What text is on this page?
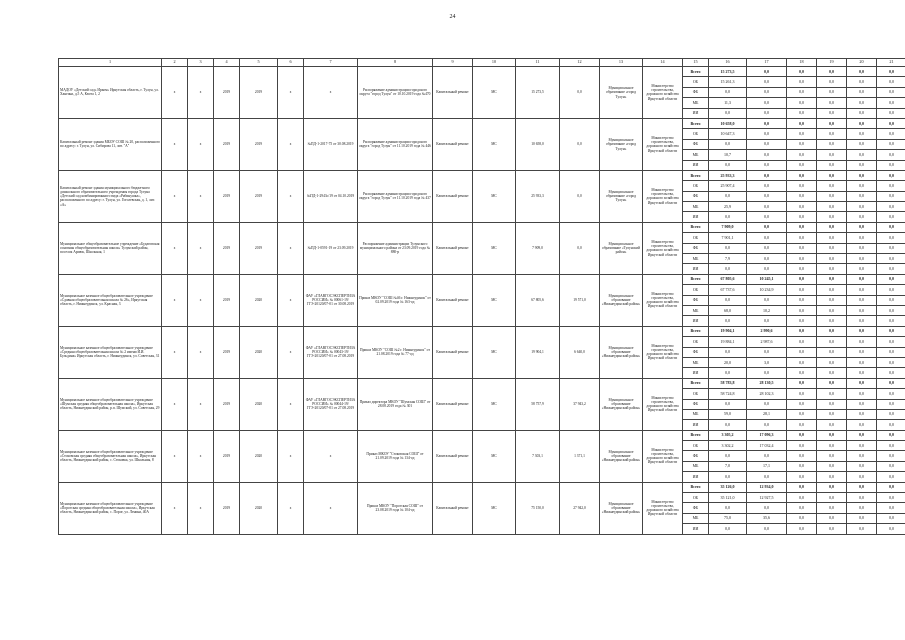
24
1	2	3	4	5	6	7	8	9	10	11	12	13	14	15	16	17	18	19	20	21
МАДОУ «Детский сад» Ирком» Иркутская область, г. Тулун, ул. Хангина, д.5 А, Квота 1, 2	х	х	2019	2019	х	х	Распоряжение администрации городского округа "город Тулун" от 10.10.2019 года №470	Капитальный ремонт	МС	15 273,5	0,0	Муниципальное образование «город Тулун»	Министерство строительства, дорожного хозяйства Иркутской области	Всего	15 273,5	0,0	0,0	0,0	0,0	0,0
														ОБ	15 261,3	0,0	0,0	0,0	0,0	0,0
														ФБ	0,0	0,0	0,0	0,0	0,0	0,0
														МБ	11,3	0,0	0,0	0,0	0,0	0,0
														ИИ	0,0	0,0	0,0	0,0	0,0	0,0
Капитальный ремонт здания МБОУ СОШ № 20, расположенного по адресу: г. Тулун, ул. Сибирова 11, лит. "А"	х	х	2019	2019	х	№ПД-1-2017-75 от 30.08.2019	Распоряжение администрации городского округа "город Тулун" от 11.10.2019 года № 446	Капитальный ремонт	МС	10 658,0	0,0	Муниципальное образование «город Тулун»	Министерство строительства, дорожного хозяйства Иркутской области	Всего	10 658,0	0,0	0,0	0,0	0,0	0,0
														ОБ	10 647,3	0,0	0,0	0,0	0,0	0,0
														ФБ	0,0	0,0	0,0	0,0	0,0	0,0
														МБ	10,7	0,0	0,0	0,0	0,0	0,0
														ИИ	0,0	0,0	0,0	0,0	0,0	0,0
Капитальный ремонт здания муниципального бюджетного дошкольного образовательного учреждения города Тулуна «Детский сад комбинированного вида «Рябинушка», расположенного по адресу: г. Тулун, ул. Гоголевская, д. 1, лит. «А»	х	х	2019	2019	х	№ПД-1-2943с/19 от 04.10.2019	Распоряжение администрации городского округа "город Тулун" от 11.10.2019 года № 437	Капитальный ремонт	МС	25 933,3	0,0	Муниципальное образование «город Тулун»	Министерство строительства, дорожного хозяйства Иркутской области	Всего	25 933,3	0,0	0,0	0,0	0,0	0,0
														ОБ	25 907,4	0,0	0,0	0,0	0,0	0,0
														ФБ	0,0	0,0	0,0	0,0	0,0	0,0
														МБ	25,9	0,0	0,0	0,0	0,0	0,0
														ИИ	0,0	0,0	0,0	0,0	0,0	0,0
Муниципальное общеобразовательное учреждение «Будаговская основная общеобразовательная школа» Тулунский район, поселок Ариюк, Школьная, 1	х	х	2019	2019	х	№ПД-1-0591-19 от 23.09.2019	Распоряжение администрации Тулунского муниципального района от 23.09.2019 года № 880-р	Капитальный ремонт	МС	7 909,0	0,0	Муниципальное образование «Тулунский район»	Министерство строительства, дорожного хозяйства Иркутской области	Всего	7 909,0	0,0	0,0	0,0	0,0	0,0
														ОБ	7 901,1	0,0	0,0	0,0	0,0	0,0
														ФБ	0,0	0,0	0,0	0,0	0,0	0,0
														МБ	7,9	0,0	0,0	0,0	0,0	0,0
														ИИ	0,0	0,0	0,0	0,0	0,0	0,0
Муниципальное казенное общеобразовательное учреждение «Сдавная общеобразовательная школа № 26», Иркутская область, г. Нижнеудинск, ул. Красная, 3	х	х	2019	2020	х	ФАУ «ГЛАВГОСЭКСПЕРТИЗА РОССИИ» № 00061-19/ГГЭ-20120/07-01 от 30.08.2019	Приказ МКОУ "СОШ №46 г. Нижнеудинск" от 02.09.2019 года № 163-од	Капитальный ремонт	МС	67 805,6	19 571,0	Муниципальное образование «Нижнеудинский район»	Министерство строительства, дорожного хозяйства Иркутской области	Всего	67 805,6	10 245,1	0,0	0,0	0,0	0,0
														ОБ	67 737,6	10 234,9	0,0	0,0	0,0	0,0
														ФБ	0,0	0,0	0,0	0,0	0,0	0,0
														МБ	68,0	10,2	0,0	0,0	0,0	0,0
														ИИ	0,0	0,0	0,0	0,0	0,0	0,0
Муниципальное казенное общеобразовательное учреждение «Средняя общеобразовательная школа № 2 имени И.И. Бульдина» Иркутская область, г. Нижнеудинск, ул. Советская, 31	х	х	2019	2020	х	ФАУ «ГЛАВГОСЭКСПЕРТИЗА РОССИИ» № 00043-19/ГГЭ-20120/07-01 от 27.08.2019	Приказ МКОУ "СОШ №2 г. Нижнеудинск" от 21.08.2019 года № 77-од	Капитальный ремонт	МС	19 904,1	6 640,0	Муниципальное образование «Нижнеудинский район»	Министерство строительства, дорожного хозяйства Иркутской области	Всего	19 904,1	2 990,6	0,0	0,0	0,0	0,0
														ОБ	19 884,1	2 987,6	0,0	0,0	0,0	0,0
														ФБ	0,0	0,0	0,0	0,0	0,0	0,0
														МБ	20,0	3,0	0,0	0,0	0,0	0,0
														ИИ	0,0	0,0	0,0	0,0	0,0	0,0
Муниципальное казенное общеобразовательное учреждение «Шумская средняя общеобразовательная школа», Иркутская область, Нижнеудинский район, р.п. Шумский, ул. Советская, 29	х	х	2019	2020	х	ФАУ «ГЛАВГОСЭКСПЕРТИЗА РОССИИ» № 00044-19/ГГЭ-20120/07-01 от 27.08.2019	Приказ директора МКОУ "Шумская СОШ" от 28.08.2019 года № 301	Капитальный ремонт	МС	58 757,9	37 943,2	Муниципальное образование «Нижнеудинский район»	Министерство строительства, дорожного хозяйства Иркутской области	Всего	58 783,8	28 130,5	0,0	0,0	0,0	0,0
														ОБ	58 724,8	28 102,3	0,0	0,0	0,0	0,0
														ФБ	0,0	0,0	0,0	0,0	0,0	0,0
														МБ	59,0	28,1	0,0	0,0	0,0	0,0
														ИИ	0,0	0,0	0,0	0,0	0,0	0,0
Муниципальное казенное общеобразовательное учреждение «Стоковская средняя общеобразовательная школа», Иркутская область, Нижнеудинский район, с. Стоковка, ул. Школьная, 8	х	х	2019	2020	х	х	Приказ МКОУ "Стоковская СОШ" от 21.09.2019 года № 134-од	Капитальный ремонт	МС	7 303,1	1 371,1	Муниципальное образование «Нижнеудинский район»	Министерство строительства, дорожного хозяйства Иркутской области	Всего	3 305,2	17 096,3	0,0	0,0	0,0	0,0
														ОБ	3 302,2	17 032,4	0,0	0,0	0,0	0,0
														ФБ	0,0	0,0	0,0	0,0	0,0	0,0
														МБ	7,0	17,1	0,0	0,0	0,0	0,0
														ИИ	0,0	0,0	0,0	0,0	0,0	0,0
Муниципальное казенное общеобразовательное учреждение «Порогская средняя общеобразовательная школа», Иркутская область, Нижнеудинский район, с. Порог, ул. Ленина, 40А	х	х	2019	2020	х	х	Приказ МКОУ "Порогская СОШ" от 23.08.2019 года № 104-од	Капитальный ремонт	МС	75 150,0	27 942,0	Муниципальное образование «Нижнеудинский район»	Министерство строительства, дорожного хозяйства Иркутской области	Всего	35 126,0	12 934,0	0,0	0,0	0,0	0,0
														ОБ	35 121,0	12 927,5	0,0	0,0	0,0	0,0
														ФБ	0,0	0,0	0,0	0,0	0,0	0,0
														МБ	75,0	35,6	0,0	0,0	0,0	0,0
														ИИ	0,0	0,0	0,0	0,0	0,0	0,0
